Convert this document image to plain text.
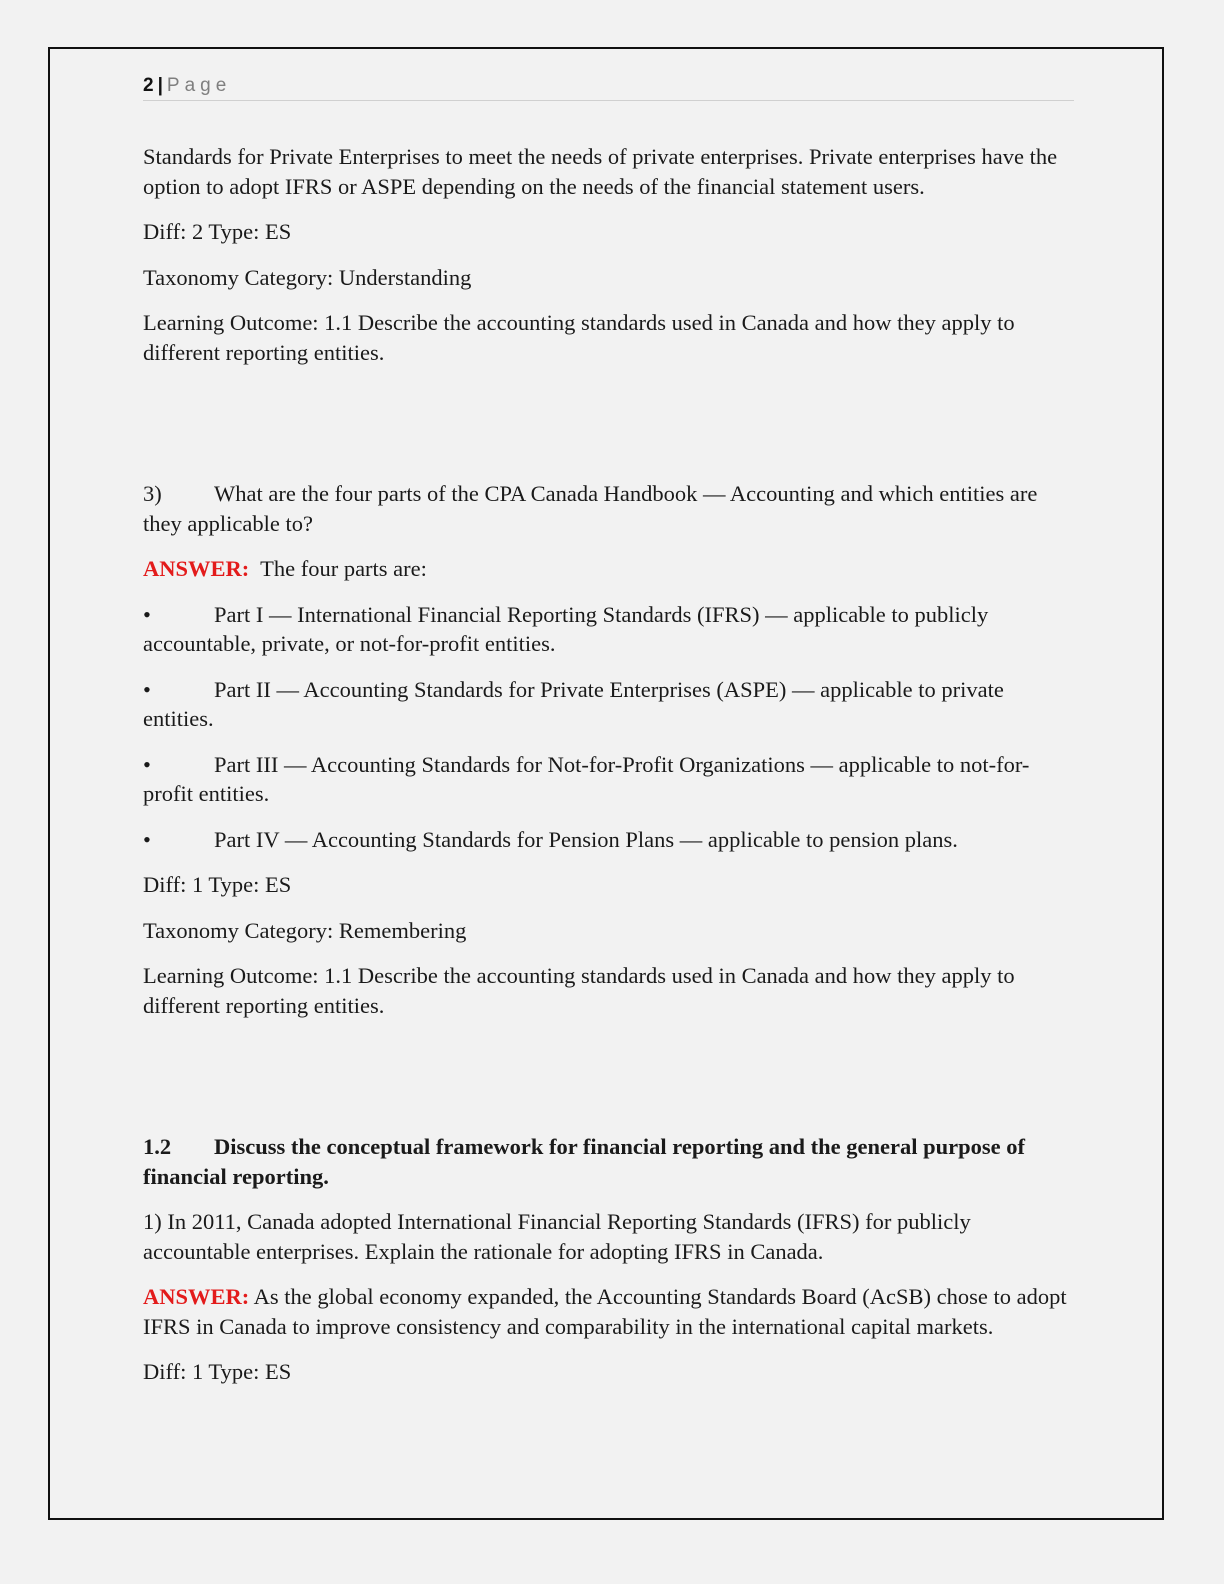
2 | Page

Standards for Private Enterprises to meet the needs of private enterprises. Private enterprises have the option to adopt IFRS or ASPE depending on the needs of the financial statement users.

Diff: 2 Type: ES

Taxonomy Category: Understanding

Learning Outcome: 1.1 Describe the accounting standards used in Canada and how they apply to different reporting entities.

3) What are the four parts of the CPA Canada Handbook — Accounting and which entities are they applicable to?

ANSWER:  The four parts are:

•	Part I — International Financial Reporting Standards (IFRS) — applicable to publicly accountable, private, or not-for-profit entities.

•	Part II — Accounting Standards for Private Enterprises (ASPE) — applicable to private entities.

•	Part III — Accounting Standards for Not-for-Profit Organizations — applicable to not-for-profit entities.

•	Part IV — Accounting Standards for Pension Plans — applicable to pension plans.

Diff: 1 Type: ES

Taxonomy Category: Remembering

Learning Outcome: 1.1 Describe the accounting standards used in Canada and how they apply to different reporting entities.

1.2 Discuss the conceptual framework for financial reporting and the general purpose of financial reporting.

1) In 2011, Canada adopted International Financial Reporting Standards (IFRS) for publicly accountable enterprises. Explain the rationale for adopting IFRS in Canada.

ANSWER: As the global economy expanded, the Accounting Standards Board (AcSB) chose to adopt IFRS in Canada to improve consistency and comparability in the international capital markets.

Diff: 1 Type: ES
